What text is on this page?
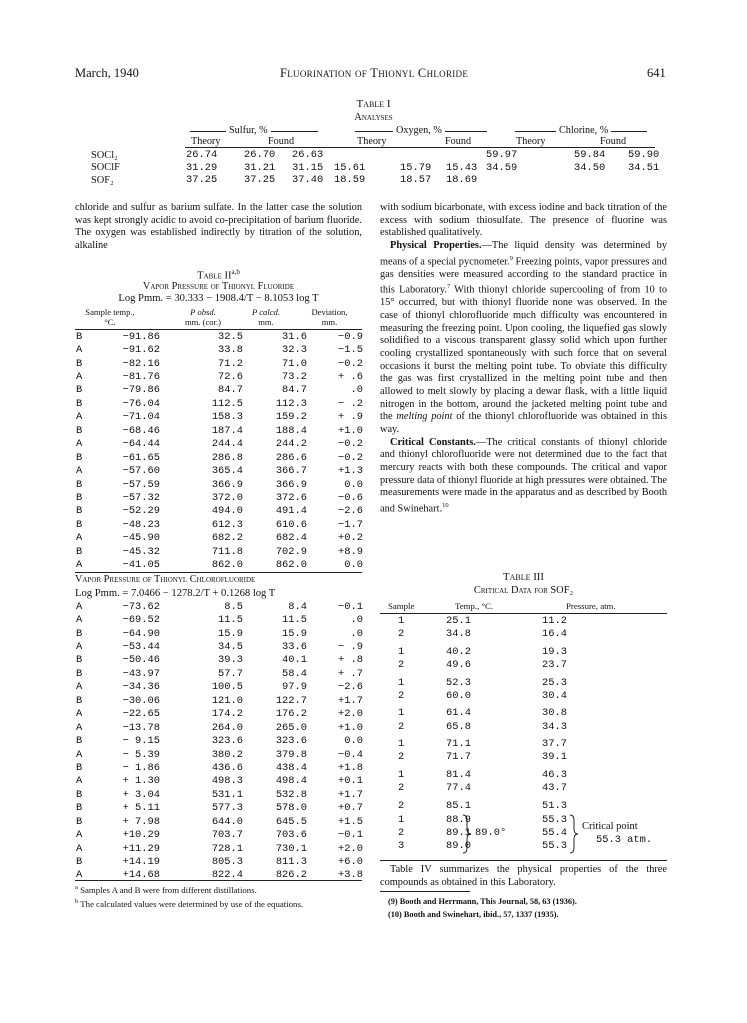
March, 1940	Fluorination of Thionyl Chloride	641
Table I
Analyses
Sulfur, %	Oxygen, %	Chlorine, %
Theory	Found	Theory	Found	Theory	Found
SOCl₂	26.74	26.70	26.63				59.97	59.84	59.90
SOClF	31.29	31.21	31.15	15.61	15.79	15.43	34.59	34.50	34.51
SOF₂	37.25	37.25	37.40	18.59	18.57	18.69			

chloride and sulfur as barium sulfate. In the latter case the solution was kept strongly acidic to avoid co-precipitation of barium fluoride. The oxygen was established indirectly by titration of the solution, alkaline

Table II$^{a,b}$
Vapor Pressure of Thionyl Fluoride
Log Pmm. = 30.333 − 1908.4/T − 8.1053 log T
Sample temp.,
°C.
P obsd.
mm. (cor.)
P calcd.
mm.
Deviation,
mm.
B	−91.86	32.5	31.6	−0.9
A	−91.62	33.8	32.3	−1.5
B	−82.16	71.2	71.0	−0.2
A	−81.76	72.6	73.2	+ .6
B	−79.86	84.7	84.7	.0
B	−76.04	112.5	112.3	− .2
A	−71.04	158.3	159.2	+ .9
B	−68.46	187.4	188.4	+1.0
A	−64.44	244.4	244.2	−0.2
B	−61.65	286.8	286.6	−0.2
A	−57.60	365.4	366.7	+1.3
B	−57.59	366.9	366.9	0.0
B	−57.32	372.0	372.6	−0.6
B	−52.29	494.0	491.4	−2.6
B	−48.23	612.3	610.6	−1.7
A	−45.90	682.2	682.4	+0.2
B	−45.32	711.8	702.9	+8.9
A	−41.05	862.0	862.0	0.0
Vapor Pressure of Thionyl Chlorofluoride
Log Pmm. = 7.0466 − 1278.2/T + 0.1268 log T
A	−73.62	8.5	8.4	−0.1
A	−69.52	11.5	11.5	.0
B	−64.90	15.9	15.9	.0
A	−53.44	34.5	33.6	− .9
B	−50.46	39.3	40.1	+ .8
B	−43.97	57.7	58.4	+ .7
A	−34.36	100.5	97.9	−2.6
B	−30.06	121.0	122.7	+1.7
A	−22.65	174.2	176.2	+2.0
A	−13.78	264.0	265.0	+1.0
B	− 9.15	323.6	323.6	0.0
A	− 5.39	380.2	379.8	−0.4
B	− 1.86	436.6	438.4	+1.8
A	+ 1.30	498.3	498.4	+0.1
B	+ 3.04	531.1	532.8	+1.7
B	+ 5.11	577.3	578.0	+0.7
B	+ 7.98	644.0	645.5	+1.5
A	+10.29	703.7	703.6	−0.1
A	+11.29	728.1	730.1	+2.0
B	+14.19	805.3	811.3	+6.0
A	+14.68	822.4	826.2	+3.8
$^a$ Samples A and B were from different distillations.
$^b$ The calculated values were determined by use of the equations.

with sodium bicarbonate, with excess iodine and back titration of the excess with sodium thiosulfate. The presence of fluorine was established qualitatively.

Physical Properties.—The liquid density was determined by means of a special pycnometer.$^9$ Freezing points, vapor pressures and gas densities were measured according to the standard practice in this Laboratory.$^7$ With thionyl chloride supercooling of from 10 to 15° occurred, but with thionyl fluoride none was observed. In the case of thionyl chlorofluoride much difficulty was encountered in measuring the freezing point. Upon cooling, the liquefied gas slowly solidified to a viscous transparent glassy solid which upon further cooling crystallized spontaneously with such force that on several occasions it burst the melting point tube. To obviate this difficulty the gas was first crystallized in the melting point tube and then allowed to melt slowly by placing a dewar flask, with a little liquid nitrogen in the bottom, around the jacketed melting point tube and the melting point of the thionyl chlorofluoride was obtained in this way.

Critical Constants.—The critical constants of thionyl chloride and thionyl chlorofluoride were not determined due to the fact that mercury reacts with both these compounds. The critical and vapor pressure data of thionyl fluoride at high pressures were obtained. The measurements were made in the apparatus and as described by Booth and Swinehart.$^{10}$

Table III
Critical Data for SOF₂
Sample	Temp., °C.	Pressure, atm.
1	25.1	11.2
2	34.8	16.4
1	40.2	19.3
2	49.6	23.7
1	52.3	25.3
2	60.0	30.4
1	61.4	30.8
2	65.8	34.3
1	71.1	37.7
2	71.7	39.1
1	81.4	46.3
2	77.4	43.7
2	85.1	51.3
1	88.9	55.3
2	89.1	55.4
3	89.0	55.3
89.0°
Critical point
55.3 atm.

Table IV summarizes the physical properties of the three compounds as obtained in this Laboratory.

(9) Booth and Herrmann, This Journal, 58, 63 (1936).
(10) Booth and Swinehart, ibid., 57, 1337 (1935).
